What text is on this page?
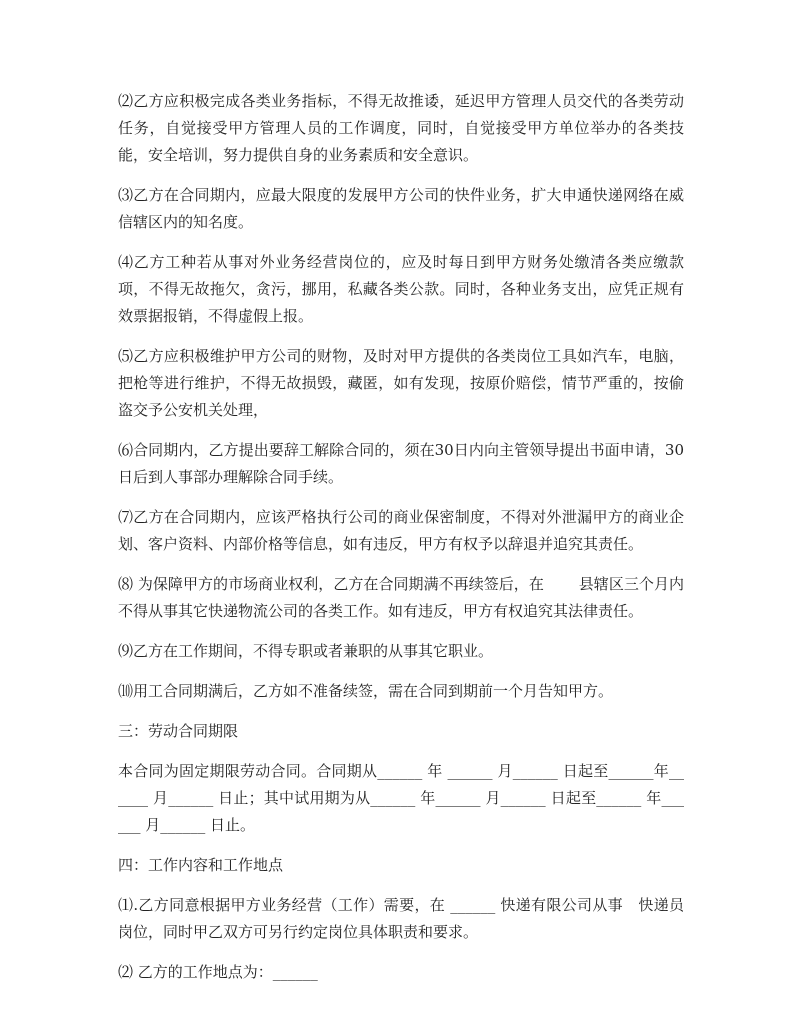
⑵乙方应积极完成各类业务指标，不得无故推诿，延迟甲方管理人员交代的各类劳动任务，自觉接受甲方管理人员的工作调度，同时，自觉接受甲方单位举办的各类技能，安全培训，努力提供自身的业务素质和安全意识。

⑶乙方在合同期内，应最大限度的发展甲方公司的快件业务，扩大申通快递网络在威信辖区内的知名度。

⑷乙方工种若从事对外业务经营岗位的，应及时每日到甲方财务处缴清各类应缴款项，不得无故拖欠，贪污，挪用，私藏各类公款。同时，各种业务支出，应凭正规有效票据报销，不得虚假上报。

⑸乙方应积极维护甲方公司的财物，及时对甲方提供的各类岗位工具如汽车，电脑，把枪等进行维护，不得无故损毁，藏匿，如有发现，按原价赔偿，情节严重的，按偷盗交予公安机关处理，

⑹合同期内，乙方提出要辞工解除合同的，须在30日内向主管领导提出书面申请，30日后到人事部办理解除合同手续。

⑺乙方在合同期内，应该严格执行公司的商业保密制度，不得对外泄漏甲方的商业企划、客户资料、内部价格等信息，如有违反，甲方有权予以辞退并追究其责任。

⑻ 为保障甲方的市场商业权利，乙方在合同期满不再续签后，在　　 县辖区三个月内不得从事其它快递物流公司的各类工作。如有违反，甲方有权追究其法律责任。

⑼乙方在工作期间，不得专职或者兼职的从事其它职业。

⑽用工合同期满后，乙方如不准备续签，需在合同到期前一个月告知甲方。

三：劳动合同期限

本合同为固定期限劳动合同。合同期从______ 年 ______ 月______ 日起至______年______ 月______ 日止；其中试用期为从______ 年______ 月______ 日起至______ 年______ 月______ 日止。

四：工作内容和工作地点

⑴.乙方同意根据甲方业务经营（工作）需要，在 ______ 快递有限公司从事　快递员 岗位，同时甲乙双方可另行约定岗位具体职责和要求。

⑵ 乙方的工作地点为：______
